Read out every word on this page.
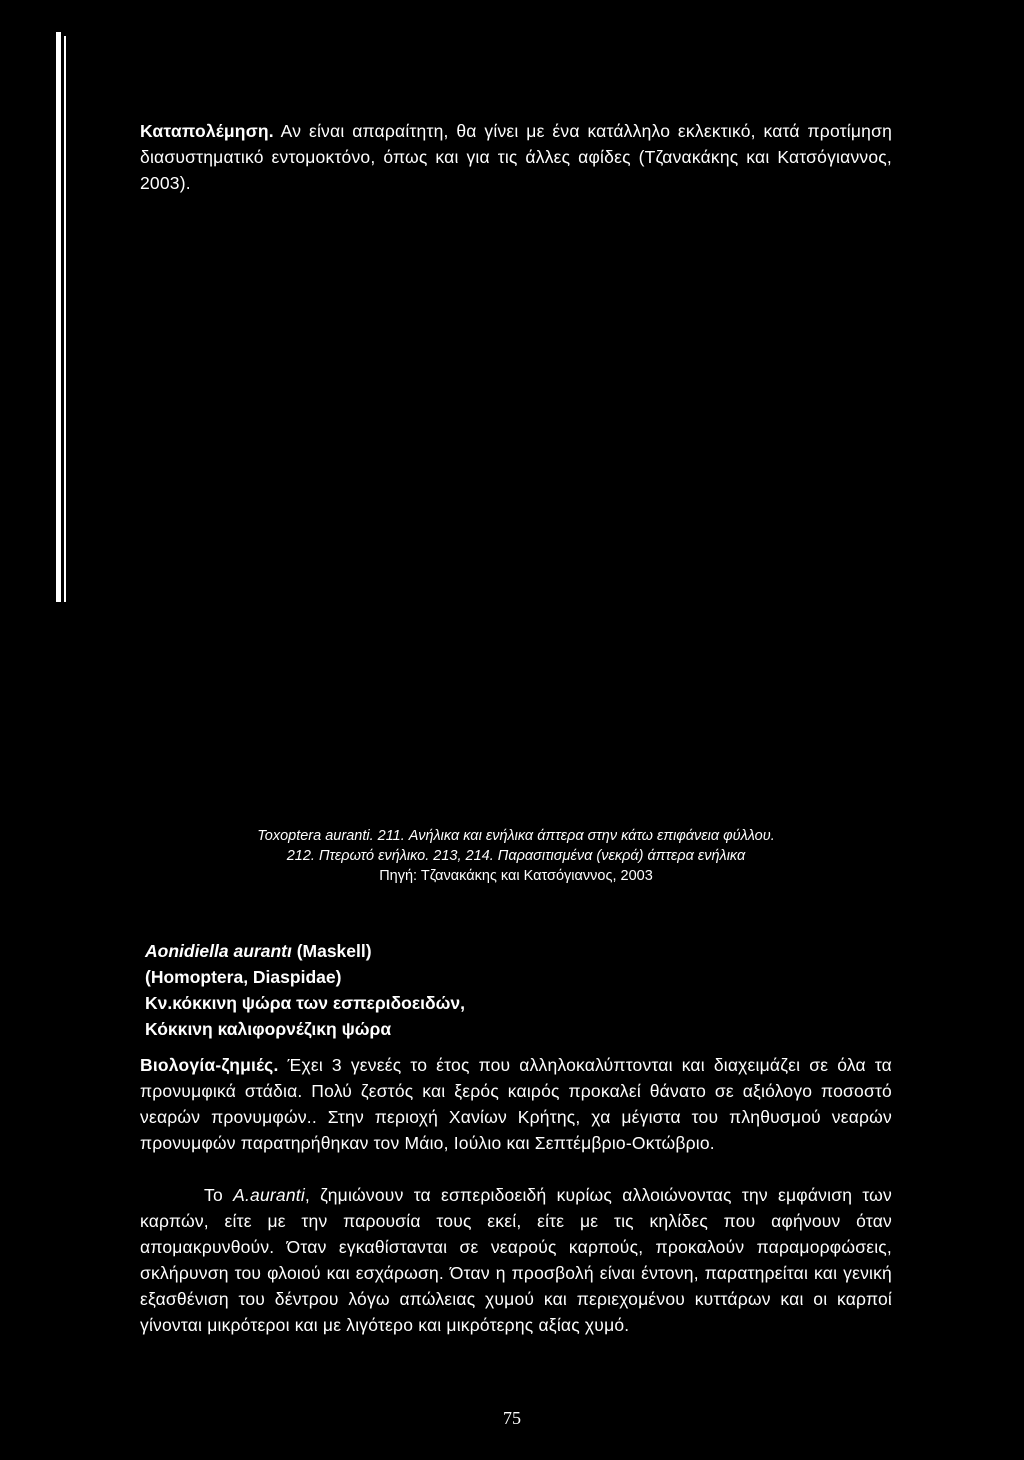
Καταπολέμηση. Αν είναι απαραίτητη, θα γίνει με ένα κατάλληλο εκλεκτικό, κατά προτίμηση διασυστηματικό εντομοκτόνο, όπως και για τις άλλες αφίδες (Τζανακάκης και Κατσόγιαννος, 2003).
Toxoptera auranti. 211. Ανήλικα και ενήλικα άπτερα στην κάτω επιφάνεια φύλλου.
212. Πτερωτό ενήλικο. 213, 214. Παρασιτισμένα (νεκρά) άπτερα ενήλικα
Πηγή: Τζανακάκης και Κατσόγιαννος, 2003
Aonidiella aurantι (Maskell)
(Homoptera, Diaspidae)
Κν.κόκκινη ψώρα των εσπεριδοειδών,
Κόκκινη καλιφορνέζικη ψώρα
Βιολογία-ζημιές. Έχει 3 γενεές το έτος που αλληλοκαλύπτονται και διαχειμάζει σε όλα τα προνυμφικά στάδια. Πολύ ζεστός και ξερός καιρός προκαλεί θάνατο σε αξιόλογο ποσοστό νεαρών προνυμφών.. Στην περιοχή Χανίων Κρήτης, χα μέγιστα του πληθυσμού νεαρών προνυμφών παρατηρήθηκαν τον Μάιο, Ιούλιο και Σεπτέμβριο-Οκτώβριο.
Το A.auranti, ζημιώνουν τα εσπεριδοειδή κυρίως αλλοιώνοντας την εμφάνιση των καρπών, είτε με την παρουσία τους εκεί, είτε με τις κηλίδες που αφήνουν όταν απομακρυνθούν. Όταν εγκαθίστανται σε νεαρούς καρπούς, προκαλούν παραμορφώσεις, σκλήρυνση του φλοιού και εσχάρωση. Όταν η προσβολή είναι έντονη, παρατηρείται και γενική εξασθένιση του δέντρου λόγω απώλειας χυμού και περιεχομένου κυττάρων και οι καρποί γίνονται μικρότεροι και με λιγότερο και μικρότερης αξίας χυμό.
75
